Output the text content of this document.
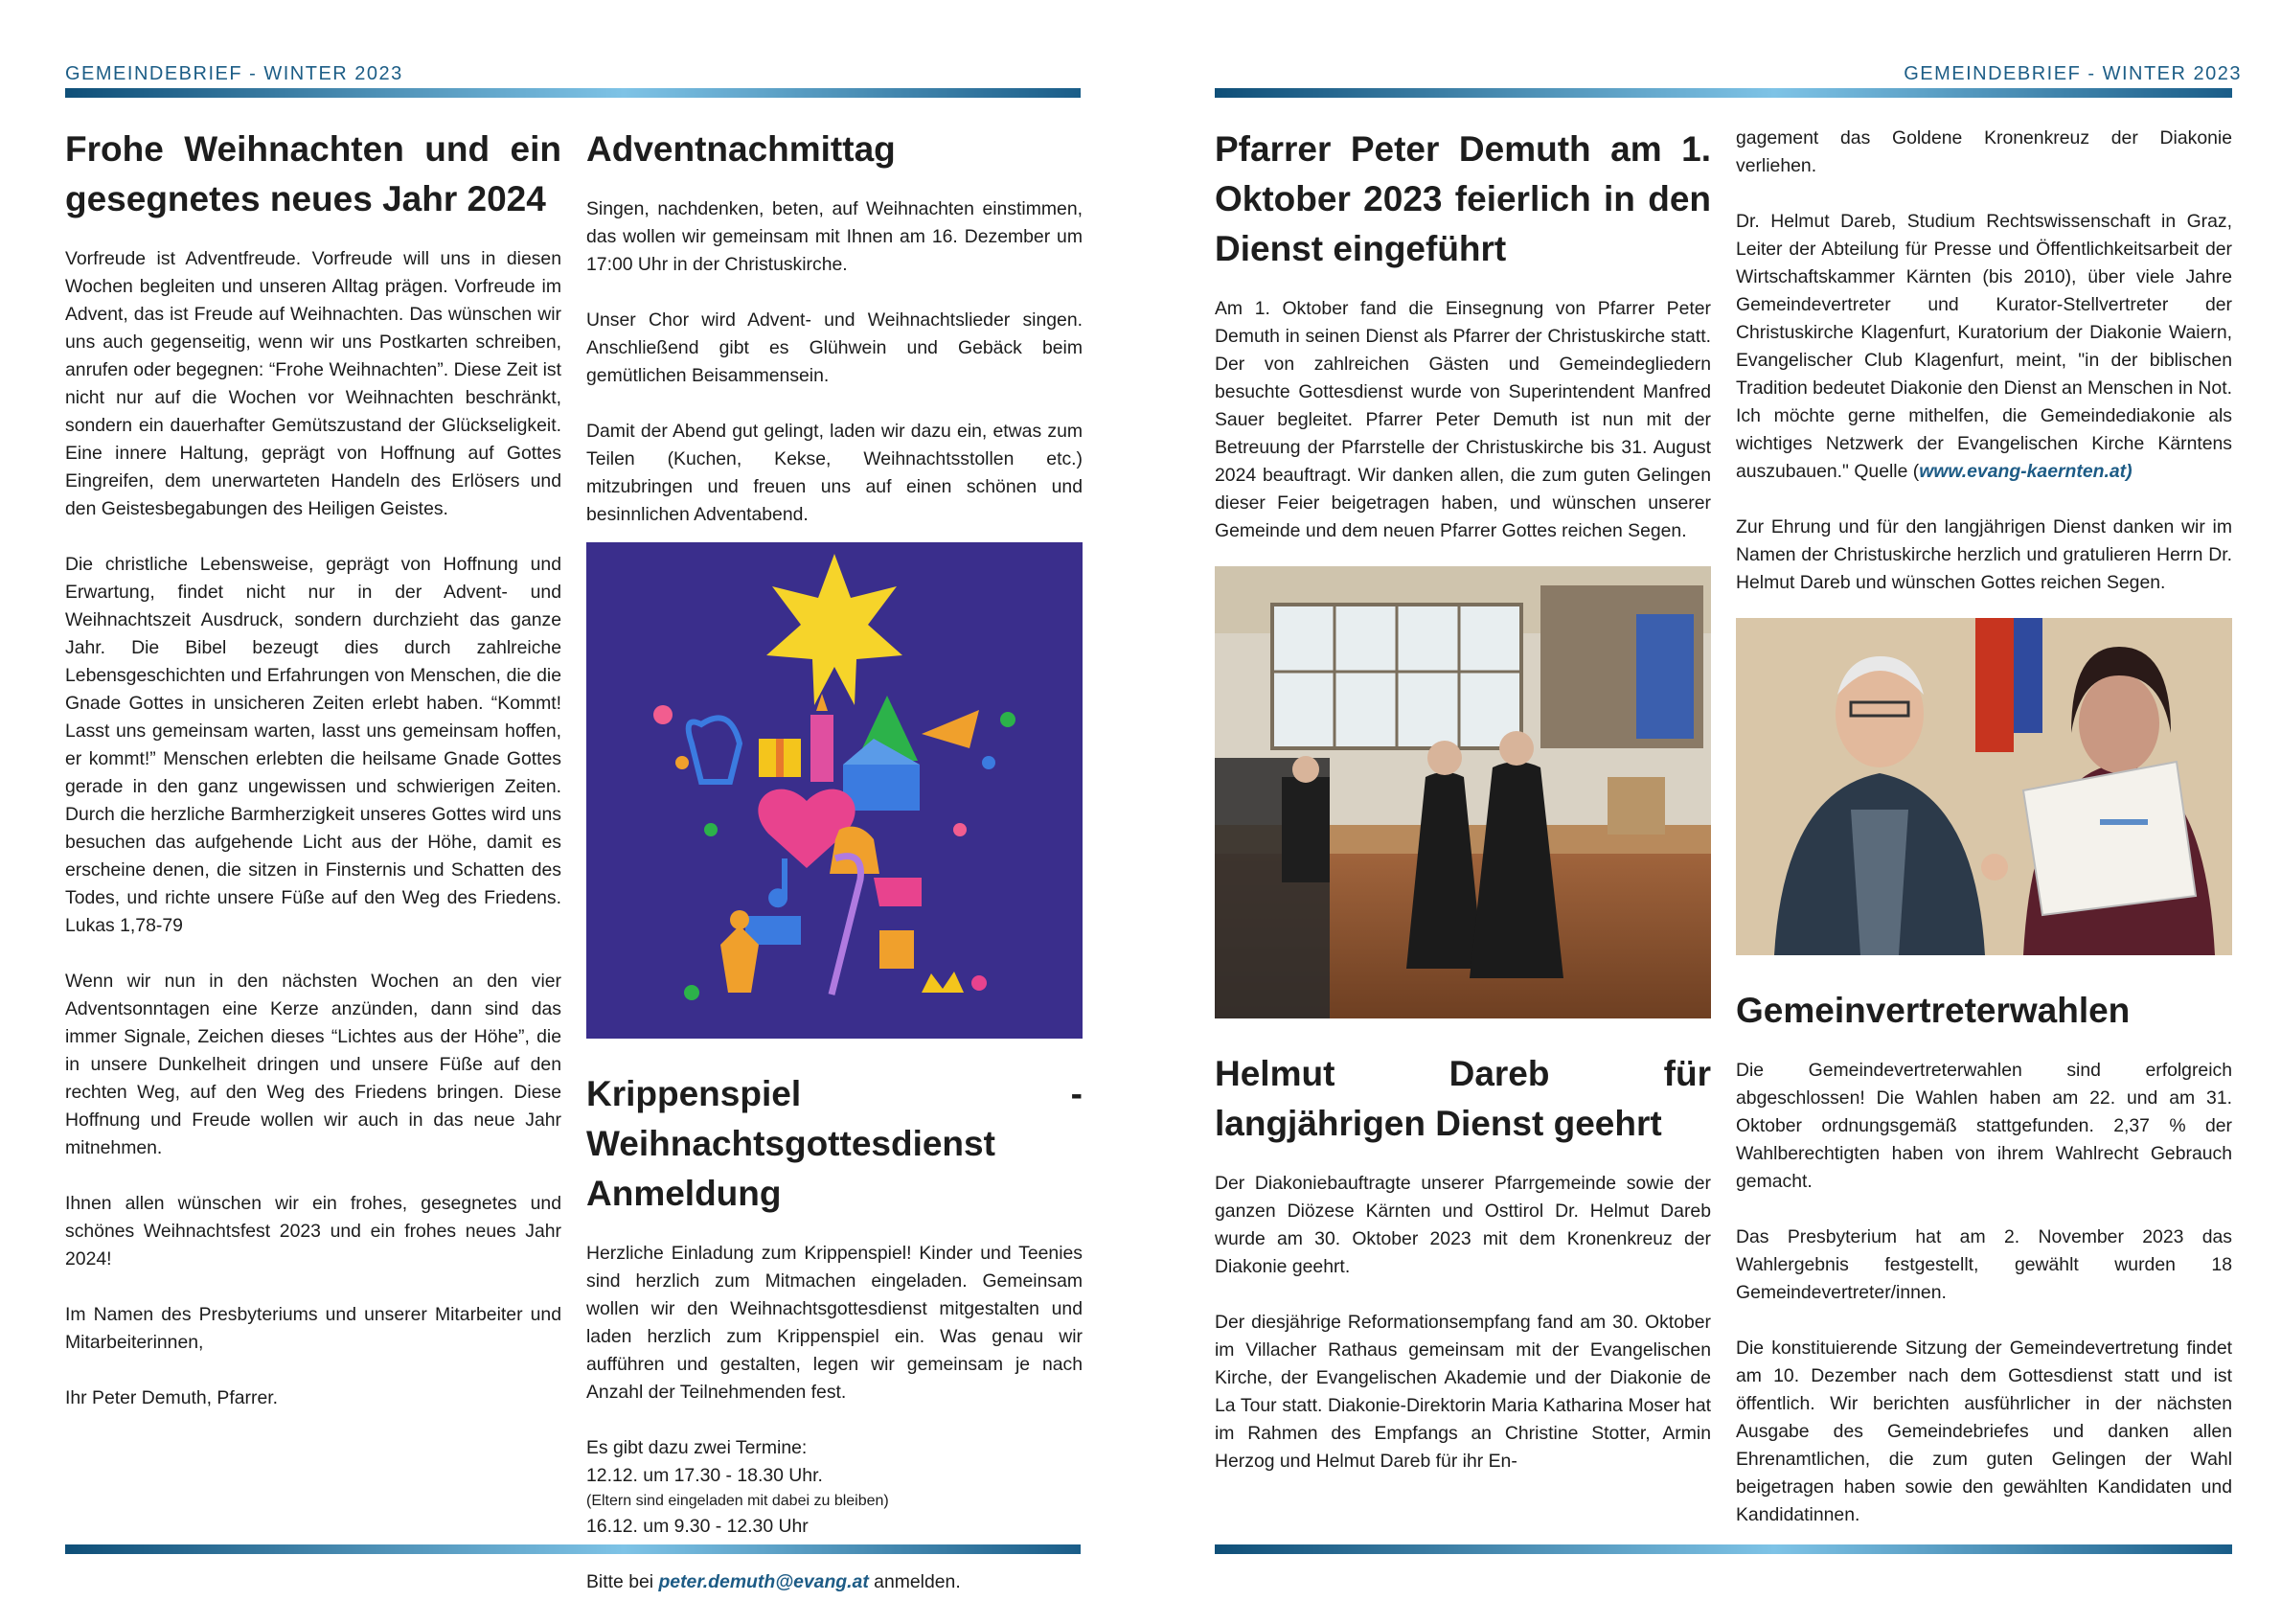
GEMEINDEBRIEF - WINTER 2023
Frohe Weihnachten und ein gesegnetes neues Jahr 2024

Vorfreude ist Adventfreude. Vorfreude will uns in diesen Wochen begleiten und unseren Alltag prägen. Vorfreude im Advent, das ist Freude auf Weihnachten. Das wünschen wir uns auch gegenseitig, wenn wir uns Postkarten schreiben, anrufen oder begegnen: “Frohe Weihnachten”. Diese Zeit ist nicht nur auf die Wochen vor Weihnachten beschränkt, sondern ein dauerhafter Gemütszustand der Glückseligkeit. Eine innere Haltung, geprägt von Hoffnung auf Gottes Eingreifen, dem unerwarteten Handeln des Erlösers und den Geistesbegabungen des Heiligen Geistes.

Die christliche Lebensweise, geprägt von Hoffnung und Erwartung, findet nicht nur in der Advent- und Weihnachtszeit Ausdruck, sondern durchzieht das ganze Jahr. Die Bibel bezeugt dies durch zahlreiche Lebensgeschichten und Erfahrungen von Menschen, die die Gnade Gottes in unsicheren Zeiten erlebt haben. “Kommt! Lasst uns gemeinsam warten, lasst uns gemeinsam hoffen, er kommt!” Menschen erlebten die heilsame Gnade Gottes gerade in den ganz ungewissen und schwierigen Zeiten. Durch die herzliche Barmherzigkeit unseres Gottes wird uns besuchen das aufgehende Licht aus der Höhe, damit es erscheine denen, die sitzen in Finsternis und Schatten des Todes, und richte unsere Füße auf den Weg des Friedens. Lukas 1,78-79

Wenn wir nun in den nächsten Wochen an den vier Adventsonntagen eine Kerze anzünden, dann sind das immer Signale, Zeichen dieses “Lichtes aus der Höhe”, die in unsere Dunkelheit dringen und unsere Füße auf den rechten Weg, auf den Weg des Friedens bringen. Diese Hoffnung und Freude wollen wir auch in das neue Jahr mitnehmen.

Ihnen allen wünschen wir ein frohes, gesegnetes und schönes Weihnachtsfest 2023 und ein frohes neues Jahr 2024!

Im Namen des Presbyteriums und unserer Mitarbeiter und Mitarbeiterinnen,

Ihr Peter Demuth, Pfarrer.

Adventnachmittag

Singen, nachdenken, beten, auf Weihnachten einstimmen, das wollen wir gemeinsam mit Ihnen am 16. Dezember um 17:00 Uhr in der Christuskirche.

Unser Chor wird Advent- und Weihnachtslieder singen. Anschließend gibt es Glühwein und Gebäck beim gemütlichen Beisammensein.

Damit der Abend gut gelingt, laden wir dazu ein, etwas zum Teilen (Kuchen, Kekse, Weihnachtsstollen etc.) mitzubringen und freuen uns auf einen schönen und besinnlichen Adventabend.

Krippenspiel - Weihnachtsgottesdienst Anmeldung

Herzliche Einladung zum Krippenspiel! Kinder und Teenies sind herzlich zum Mitmachen eingeladen. Gemeinsam wollen wir den Weihnachtsgottesdienst mitgestalten und laden herzlich zum Krippenspiel ein. Was genau wir aufführen und gestalten, legen wir gemeinsam je nach Anzahl der Teilnehmenden fest.

Es gibt dazu zwei Termine:

12.12. um 17.30 - 18.30 Uhr.

(Eltern sind eingeladen mit dabei zu bleiben)

16.12. um 9.30 - 12.30 Uhr

Bitte bei peter.demuth@evang.at anmelden.

GEMEINDEBRIEF - WINTER 2023
Pfarrer Peter Demuth am 1. Oktober 2023 feierlich in den Dienst eingeführt

Am 1. Oktober fand die Einsegnung von Pfarrer Peter Demuth in seinen Dienst als Pfarrer der Christuskirche statt. Der von zahlreichen Gästen und Gemeindegliedern besuchte Gottesdienst wurde von Superintendent Manfred Sauer begleitet. Pfarrer Peter Demuth ist nun mit der Betreuung der Pfarrstelle der Christuskirche bis 31. August 2024 beauftragt. Wir danken allen, die zum guten Gelingen dieser Feier beigetragen haben, und wünschen unserer Gemeinde und dem neuen Pfarrer Gottes reichen Segen.

Helmut Dareb für langjährigen Dienst geehrt

Der Diakoniebauftragte unserer Pfarrgemeinde sowie der ganzen Diözese Kärnten und Osttirol Dr. Helmut Dareb wurde am 30. Oktober 2023 mit dem Kronenkreuz der Diakonie geehrt.

Der diesjährige Reformationsempfang fand am 30. Oktober im Villacher Rathaus gemeinsam mit der Evangelischen Kirche, der Evangelischen Akademie und der Diakonie de La Tour statt. Diakonie-Direktorin Maria Katharina Moser hat im Rahmen des Empfangs an Christine Stotter, Armin Herzog und Helmut Dareb für ihr En-

gagement das Goldene Kronenkreuz der Diakonie verliehen.

Dr. Helmut Dareb, Studium Rechtswissenschaft in Graz, Leiter der Abteilung für Presse und Öffentlichkeitsarbeit der Wirtschaftskammer Kärnten (bis 2010), über viele Jahre Gemeindevertreter und Kurator-Stellvertreter der Christuskirche Klagenfurt, Kuratorium der Diakonie Waiern, Evangelischer Club Klagenfurt, meint, "in der biblischen Tradition bedeutet Diakonie den Dienst an Menschen in Not. Ich möchte gerne mithelfen, die Gemeindediakonie als wichtiges Netzwerk der Evangelischen Kirche Kärntens auszubauen." Quelle (www.evang-kaernten.at)

Zur Ehrung und für den langjährigen Dienst danken wir im Namen der Christuskirche herzlich und gratulieren Herrn Dr. Helmut Dareb und wünschen Gottes reichen Segen.

Gemeinvertreterwahlen

Die Gemeindevertreterwahlen sind erfolgreich abgeschlossen! Die Wahlen haben am 22. und am 31. Oktober ordnungsgemäß stattgefunden. 2,37 % der Wahlberechtigten haben von ihrem Wahlrecht Gebrauch gemacht.

Das Presbyterium hat am 2. November 2023 das Wahlergebnis festgestellt, gewählt wurden 18 Gemeindevertreter/innen.

Die konstituierende Sitzung der Gemeindevertretung findet am 10. Dezember nach dem Gottesdienst statt und ist öffentlich. Wir berichten ausführlicher in der nächsten Ausgabe des Gemeindebriefes und danken allen Ehrenamtlichen, die zum guten Gelingen der Wahl beigetragen haben sowie den gewählten Kandidaten und Kandidatinnen.
